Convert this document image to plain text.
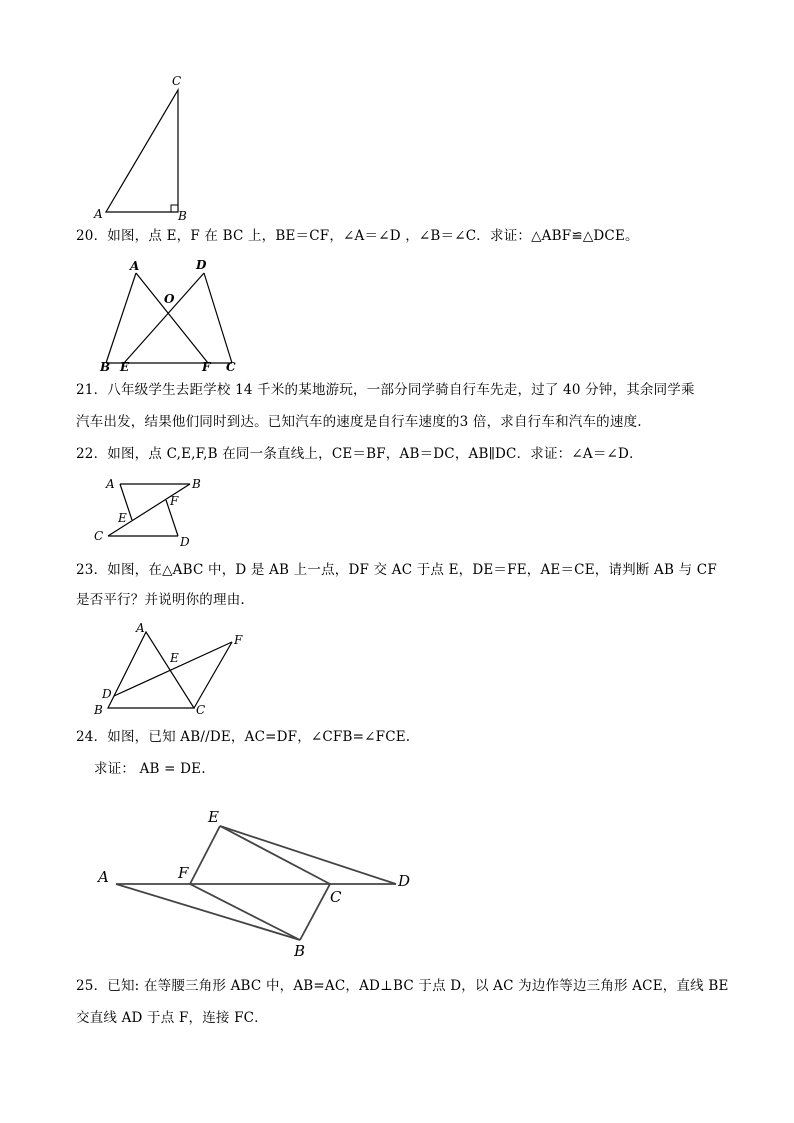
C
A	B
20．如图，点 E，F 在 BC 上，BE＝CF，∠A＝∠D ，∠B＝∠C．求证：△ABF≌△DCE。
A	D
O
B E	F C
21．八年级学生去距学校 14 千米的某地游玩，一部分同学骑自行车先走，过了 40 分钟，其余同学乘
汽车出发，结果他们同时到达。已知汽车的速度是自行车速度的3 倍，求自行车和汽车的速度.
22．如图，点 C,E,F,B 在同一条直线上，CE＝BF，AB＝DC，AB∥DC．求证：∠A＝∠D．
A	B
E
F
C	D
23．如图，在△ABC 中，D 是 AB 上一点，DF 交 AC 于点 E，DE＝FE，AE＝CE，请判断 AB 与 CF
是否平行？并说明你的理由.
A
F
E
D
B	C
24．如图，已知 AB//DE，AC=DF，∠CFB=∠FCE.
求证： AB = DE.
E
A	F
C
D
B
25．已知: 在等腰三角形 ABC 中，AB=AC，AD⊥BC 于点 D，以 AC 为边作等边三角形 ACE，直线 BE
交直线 AD 于点 F，连接 FC．
